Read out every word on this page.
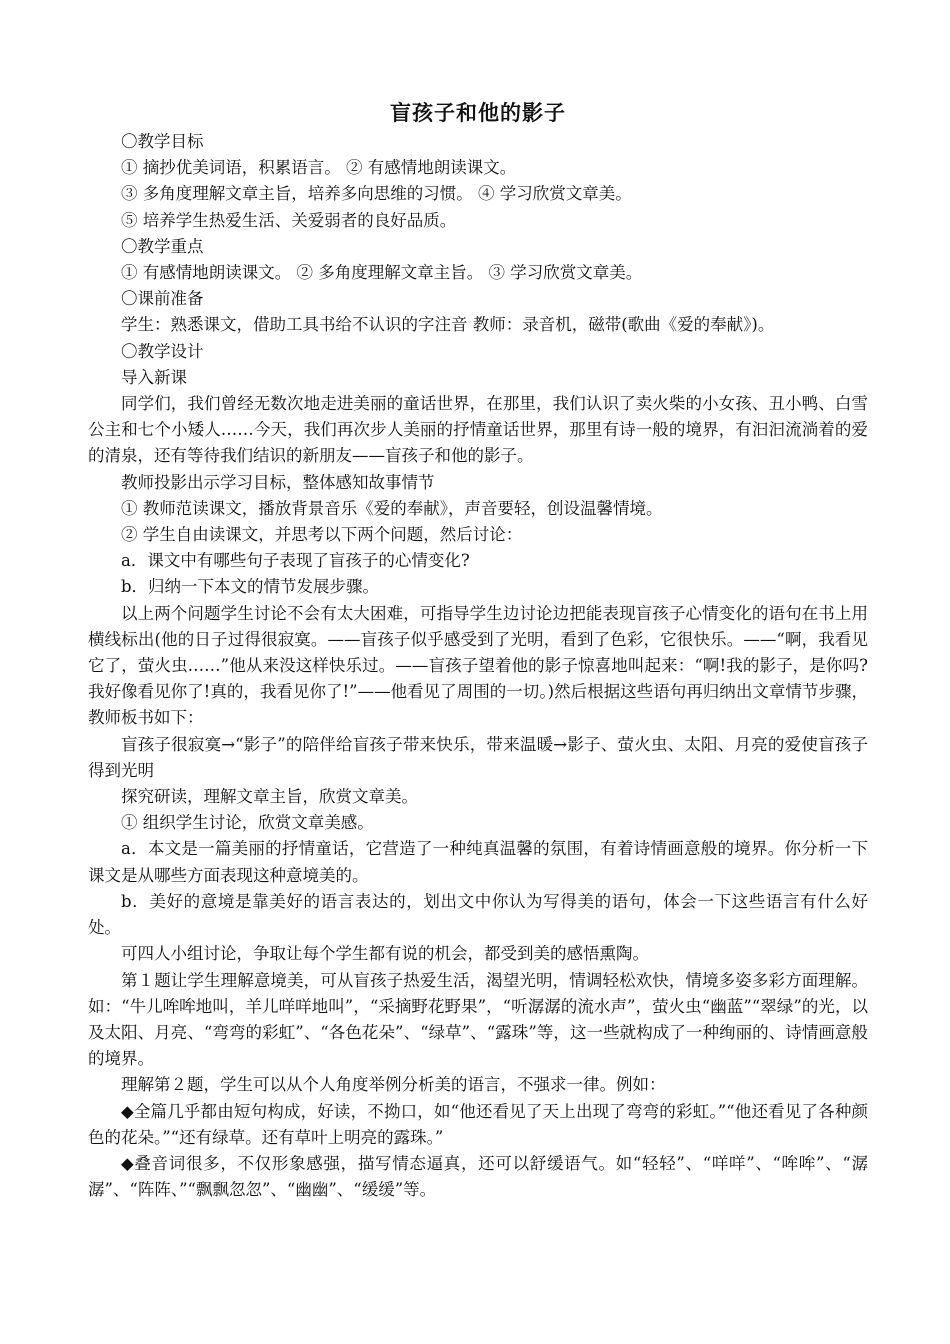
盲孩子和他的影子

〇教学目标

① 摘抄优美词语，积累语言。 ② 有感情地朗读课文。

③ 多角度理解文章主旨，培养多向思维的习惯。 ④ 学习欣赏文章美。

⑤ 培养学生热爱生活、关爱弱者的良好品质。

〇教学重点

① 有感情地朗读课文。 ② 多角度理解文章主旨。 ③ 学习欣赏文章美。

〇课前准备

学生：熟悉课文，借助工具书给不认识的字注音 教师：录音机，磁带(歌曲《爱的奉献》)。

〇教学设计

导入新课

同学们，我们曾经无数次地走进美丽的童话世界，在那里，我们认识了卖火柴的小女孩、丑小鸭、白雪公主和七个小矮人……今天，我们再次步人美丽的抒情童话世界，那里有诗一般的境界，有汩汩流淌着的爱的清泉，还有等待我们结识的新朋友——盲孩子和他的影子。

教师投影出示学习目标，整体感知故事情节

① 教师范读课文，播放背景音乐《爱的奉献》，声音要轻，创设温馨情境。

② 学生自由读课文，并思考以下两个问题，然后讨论：

a．课文中有哪些句子表现了盲孩子的心情变化?

b．归纳一下本文的情节发展步骤。

以上两个问题学生讨论不会有太大困难，可指导学生边讨论边把能表现盲孩子心情变化的语句在书上用横线标出(他的日子过得很寂寞。——盲孩子似乎感受到了光明，看到了色彩，它很快乐。——“啊，我看见它了，萤火虫……”他从来没这样快乐过。——盲孩子望着他的影子惊喜地叫起来：“啊!我的影子，是你吗?我好像看见你了!真的，我看见你了!”——他看见了周围的一切。)然后根据这些语句再归纳出文章情节步骤，教师板书如下：

盲孩子很寂寞→“影子”的陪伴给盲孩子带来快乐，带来温暖→影子、萤火虫、太阳、月亮的爱使盲孩子得到光明

探究研读，理解文章主旨，欣赏文章美。

① 组织学生讨论，欣赏文章美感。

a．本文是一篇美丽的抒情童话，它营造了一种纯真温馨的氛围，有着诗情画意般的境界。你分析一下课文是从哪些方面表现这种意境美的。

b．美好的意境是靠美好的语言表达的，划出文中你认为写得美的语句，体会一下这些语言有什么好处。

可四人小组讨论，争取让每个学生都有说的机会，都受到美的感悟熏陶。

第１题让学生理解意境美，可从盲孩子热爱生活，渴望光明，情调轻松欢快，情境多姿多彩方面理解。如：“牛儿哞哞地叫，羊儿咩咩地叫”，“采摘野花野果”，“听潺潺的流水声”，萤火虫“幽蓝”“翠绿”的光，以及太阳、月亮、“弯弯的彩虹”、“各色花朵”、“绿草”、“露珠”等，这一些就构成了一种绚丽的、诗情画意般的境界。

理解第２题，学生可以从个人角度举例分析美的语言，不强求一律。例如：

◆全篇几乎都由短句构成，好读，不拗口，如“他还看见了天上出现了弯弯的彩虹。”“他还看见了各种颜色的花朵。”“还有绿草。还有草叶上明亮的露珠。”

◆叠音词很多，不仅形象感强，描写情态逼真，还可以舒缓语气。如“轻轻”、“咩咩”、“哞哞”、“潺潺”、“阵阵、”“飘飘忽忽”、“幽幽”、“缓缓”等。
